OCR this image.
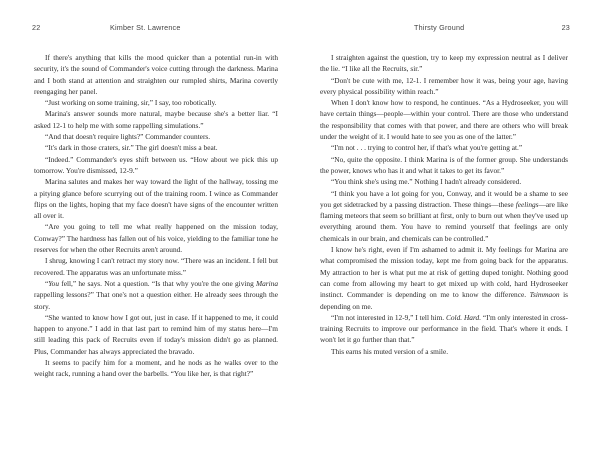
22	Kimber St. Lawrence

If there's anything that kills the mood quicker than a potential run-in with security, it's the sound of Commander's voice cutting through the darkness. Marina and I both stand at attention and straighten our rumpled shirts, Marina covertly reengaging her panel.

“Just working on some training, sir,” I say, too robotically.

Marina's answer sounds more natural, maybe because she's a better liar. “I asked 12-1 to help me with some rappelling simulations.”

“And that doesn't require lights?” Commander counters.

“It's dark in those craters, sir.” The girl doesn't miss a beat.

“Indeed.” Commander's eyes shift between us. “How about we pick this up tomorrow. You're dismissed, 12-9.”

Marina salutes and makes her way toward the light of the hallway, tossing me a pitying glance before scurrying out of the training room. I wince as Commander flips on the lights, hoping that my face doesn't have signs of the encounter written all over it.

“Are you going to tell me what really happened on the mission today, Conway?” The hardness has fallen out of his voice, yielding to the familiar tone he reserves for when the other Recruits aren't around.

I shrug, knowing I can't retract my story now. “There was an incident. I fell but recovered. The apparatus was an unfortunate miss.”

“You fell,” he says. Not a question. “Is that why you're the one giving Marina rappelling lessons?” That one's not a question either. He already sees through the story.

“She wanted to know how I got out, just in case. If it happened to me, it could happen to anyone.” I add in that last part to remind him of my status here—I'm still leading this pack of Recruits even if today's mission didn't go as planned. Plus, Commander has always appreciated the bravado.

It seems to pacify him for a moment, and he nods as he walks over to the weight rack, running a hand over the barbells. “You like her, is that right?”

Thirsty Ground	23

I straighten against the question, try to keep my expression neutral as I deliver the lie. “I like all the Recruits, sir.”

“Don't be cute with me, 12-1. I remember how it was, being your age, having every physical possibility within reach.”

When I don't know how to respond, he continues. “As a Hydroseeker, you will have certain things—people—within your control. There are those who understand the responsibility that comes with that power, and there are others who will break under the weight of it. I would hate to see you as one of the latter.”

“I'm not . . . trying to control her, if that's what you're getting at.”

“No, quite the opposite. I think Marina is of the former group. She understands the power, knows who has it and what it takes to get its favor.”

“You think she's using me.” Nothing I hadn't already considered.

“I think you have a lot going for you, Conway, and it would be a shame to see you get sidetracked by a passing distraction. These things—these feelings—are like flaming meteors that seem so brilliant at first, only to burn out when they've used up everything around them. You have to remind yourself that feelings are only chemicals in our brain, and chemicals can be controlled.”

I know he's right, even if I'm ashamed to admit it. My feelings for Marina are what compromised the mission today, kept me from going back for the apparatus. My attraction to her is what put me at risk of getting duped tonight. Nothing good can come from allowing my heart to get mixed up with cold, hard Hydroseeker instinct. Commander is depending on me to know the difference. Tsimmaon is depending on me.

“I'm not interested in 12-9,” I tell him. Cold. Hard. “I'm only interested in cross-training Recruits to improve our performance in the field. That's where it ends. I won't let it go further than that.”

This earns his muted version of a smile.
